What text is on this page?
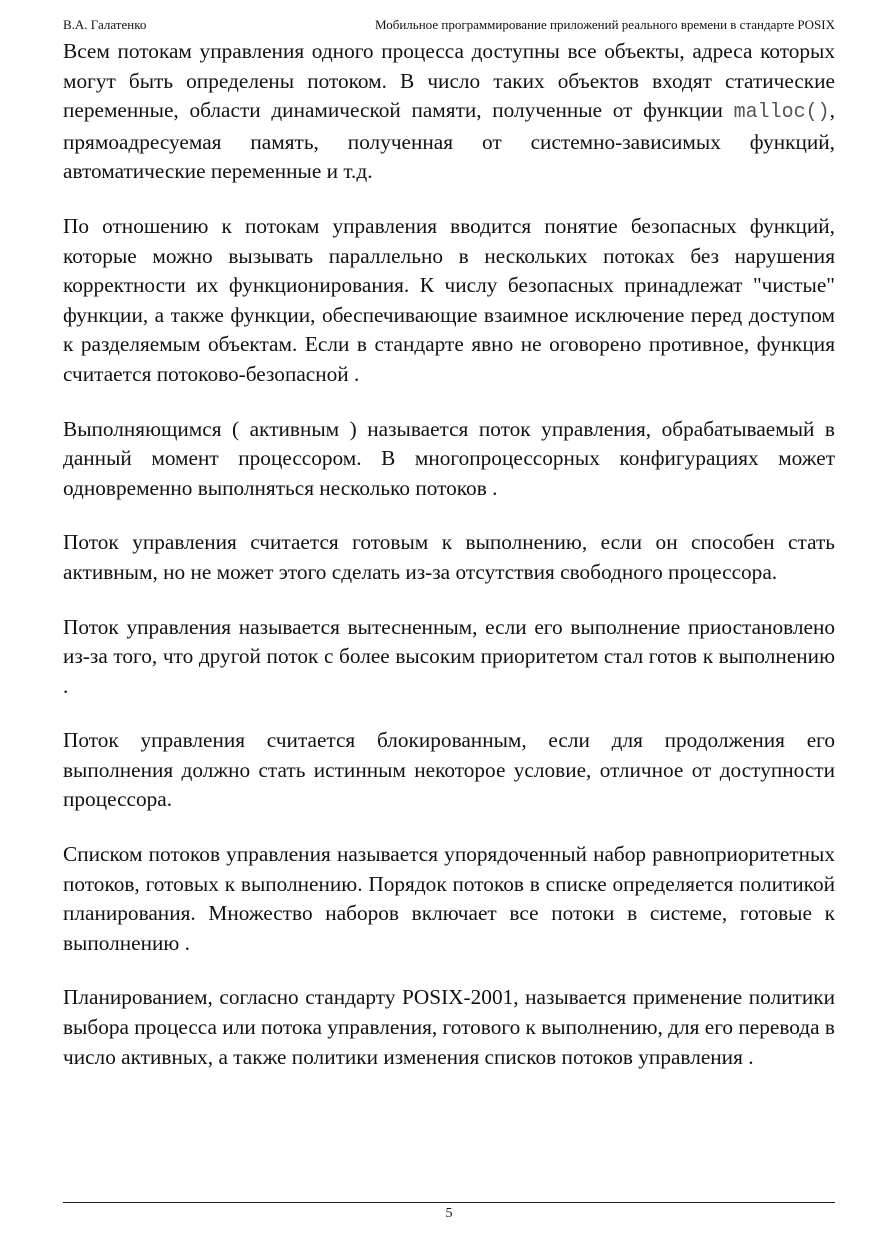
В.А. Галатенко	Мобильное программирование приложений реального времени в стандарте POSIX

Всем потокам управления одного процесса доступны все объекты, адреса которых могут быть определены потоком. В число таких объектов входят статические переменные, области динамической памяти, полученные от функции malloc(), прямоадресуемая память, полученная от системно-зависимых функций, автоматические переменные и т.д.

По отношению к потокам управления вводится понятие безопасных функций, которые можно вызывать параллельно в нескольких потоках без нарушения корректности их функционирования. К числу безопасных принадлежат "чистые" функции, а также функции, обеспечивающие взаимное исключение перед доступом к разделяемым объектам. Если в стандарте явно не оговорено противное, функция считается потоково-безопасной .

Выполняющимся ( активным ) называется поток управления, обрабатываемый в данный момент процессором. В многопроцессорных конфигурациях может одновременно выполняться несколько потоков .

Поток управления считается готовым к выполнению, если он способен стать активным, но не может этого сделать из-за отсутствия свободного процессора.

Поток управления называется вытесненным, если его выполнение приостановлено из-за того, что другой поток с более высоким приоритетом стал готов к выполнению .

Поток управления считается блокированным, если для продолжения его выполнения должно стать истинным некоторое условие, отличное от доступности процессора.

Списком потоков управления называется упорядоченный набор равноприоритетных потоков, готовых к выполнению. Порядок потоков в списке определяется политикой планирования. Множество наборов включает все потоки в системе, готовые к выполнению .

Планированием, согласно стандарту POSIX-2001, называется применение политики выбора процесса или потока управления, готового к выполнению, для его перевода в число активных, а также политики изменения списков потоков управления .

5
